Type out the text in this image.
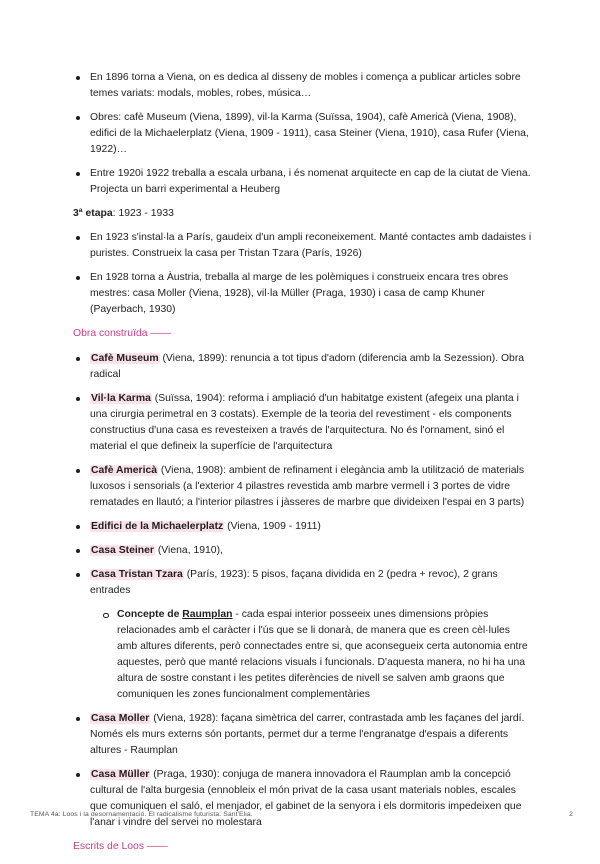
En 1896 torna a Viena, on es dedica al disseny de mobles i comença a publicar articles sobre temes variats: modals, mobles, robes, música…
Obres: cafè Museum (Viena, 1899), vil·la Karma (Suïssa, 1904), cafè Americà (Viena, 1908), edifici de la Michaelerplatz (Viena, 1909 - 1911), casa Steiner (Viena, 1910), casa Rufer (Viena, 1922)…
Entre 1920i 1922 treballa a escala urbana, i és nomenat arquitecte en cap de la ciutat de Viena. Projecta un barri experimental a Heuberg
3ª etapa: 1923 - 1933
En 1923 s'instal·la a París, gaudeix d'un ampli reconeixement. Manté contactes amb dadaistes i puristes. Construeix la casa per Tristan Tzara (París, 1926)
En 1928 torna a Àustria, treballa al marge de les polèmiques i construeix encara tres obres mestres: casa Moller (Viena, 1928), vil·la Müller (Praga, 1930) i casa de camp Khuner (Payerbach, 1930)
Obra construïda ——
Cafè Museum (Viena, 1899): renuncia a tot tipus d'adorn (diferencia amb la Sezession). Obra radical
Vil·la Karma (Suïssa, 1904): reforma i ampliació d'un habitatge existent (afegeix una planta i una cirurgia perimetral en 3 costats). Exemple de la teoria del revestiment - els components constructius d'una casa es revesteixen a través de l'arquitectura. No és l'ornament, sinó el material el que defineix la superfície de l'arquitectura
Cafè Americà (Viena, 1908): ambient de refinament i elegància amb la utilització de materials luxosos i sensorials (a l'exterior 4 pilastres revestida amb marbre vermell i 3 portes de vidre rematades en llautó; a l'interior pilastres i jàsseres de marbre que divideixen l'espai en 3 parts)
Edifici de la Michaelerplatz (Viena, 1909 - 1911)
Casa Steiner (Viena, 1910),
Casa Tristan Tzara (París, 1923): 5 pisos, façana dividida en 2 (pedra + revoc), 2 grans entrades
Concepte de Raumplan - cada espai interior posseeix unes dimensions pròpies relacionades amb el caràcter i l'ús que se li donarà, de manera que es creen cèl·lules amb altures diferents, però connectades entre si, que aconsegueix certa autonomia entre aquestes, però que manté relacions visuals i funcionals. D'aquesta manera, no hi ha una altura de sostre constant i les petites diferències de nivell se salven amb graons que comuniquen les zones funcionalment complementàries
Casa Moller (Viena, 1928): façana simètrica del carrer, contrastada amb les façanes del jardí. Només els murs externs són portants, permet dur a terme l'engranatge d'espais a diferents altures - Raumplan
Casa Müller (Praga, 1930): conjuga de manera innovadora el Raumplan amb la concepció cultural de l'alta burgesia (ennobleix el món privat de la casa usant materials nobles, escales que comuniquen el saló, el menjador, el gabinet de la senyora i els dormitoris impedeixen que l'anar i vindre del servei no molestara
Escrits de Loos ——
TEMA 4a: Loos i la desornamentació. El radicalisme futurista: Sant'Elia.	2
